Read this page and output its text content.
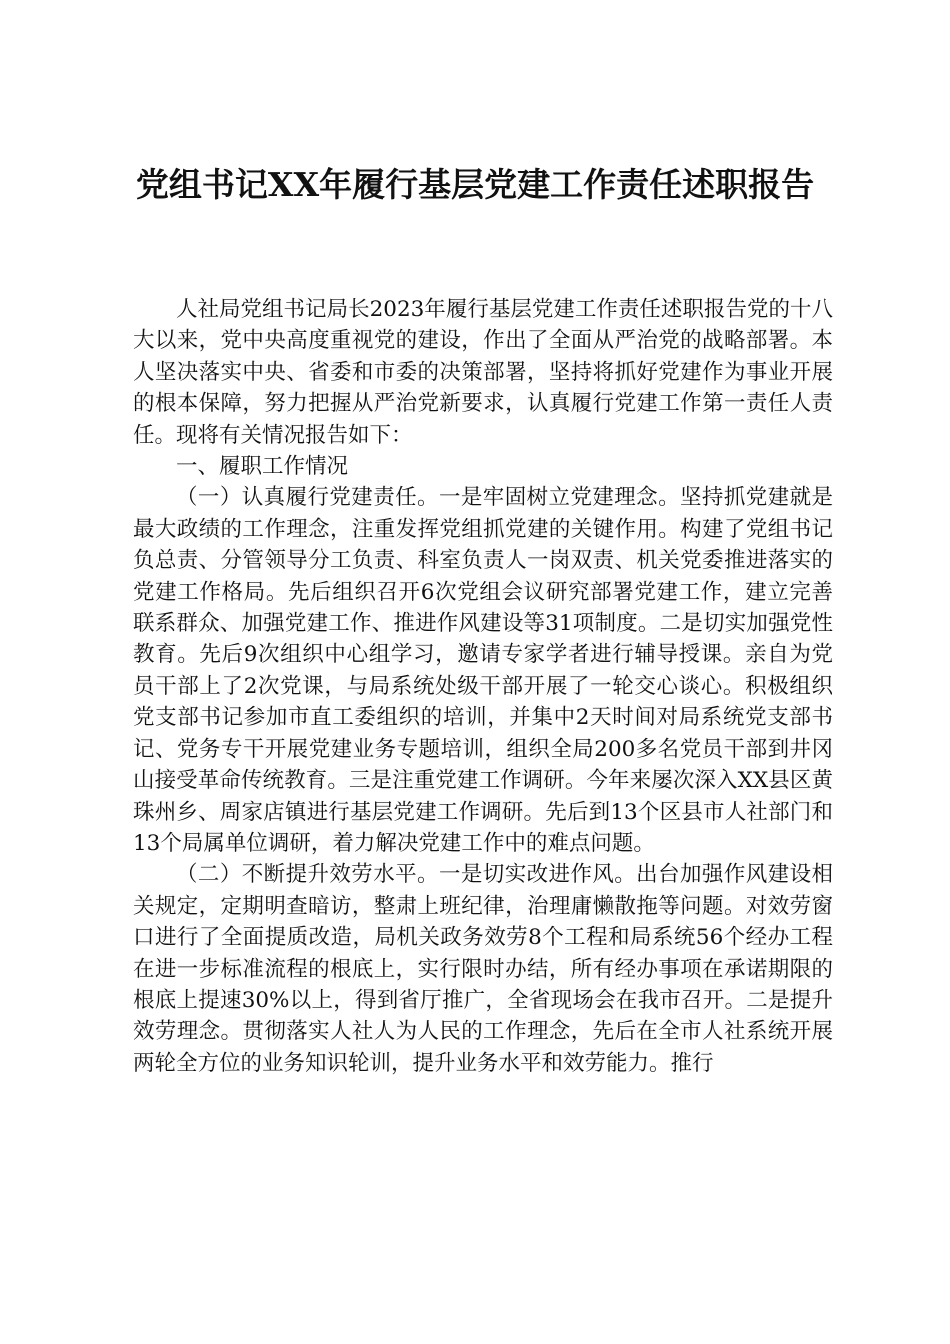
党组书记XX年履行基层党建工作责任述职报告

人社局党组书记局长2023年履行基层党建工作责任述职报告党的十八大以来，党中央高度重视党的建设，作出了全面从严治党的战略部署。本人坚决落实中央、省委和市委的决策部署，坚持将抓好党建作为事业开展的根本保障，努力把握从严治党新要求，认真履行党建工作第一责任人责任。现将有关情况报告如下：

一、履职工作情况

（一）认真履行党建责任。一是牢固树立党建理念。坚持抓党建就是最大政绩的工作理念，注重发挥党组抓党建的关键作用。构建了党组书记负总责、分管领导分工负责、科室负责人一岗双责、机关党委推进落实的党建工作格局。先后组织召开6次党组会议研究部署党建工作，建立完善联系群众、加强党建工作、推进作风建设等31项制度。二是切实加强党性教育。先后9次组织中心组学习，邀请专家学者进行辅导授课。亲自为党员干部上了2次党课，与局系统处级干部开展了一轮交心谈心。积极组织党支部书记参加市直工委组织的培训，并集中2天时间对局系统党支部书记、党务专干开展党建业务专题培训，组织全局200多名党员干部到井冈山接受革命传统教育。三是注重党建工作调研。今年来屡次深入XX县区黄珠州乡、周家店镇进行基层党建工作调研。先后到13个区县市人社部门和13个局属单位调研，着力解决党建工作中的难点问题。

（二）不断提升效劳水平。一是切实改进作风。出台加强作风建设相关规定，定期明查暗访，整肃上班纪律，治理庸懒散拖等问题。对效劳窗口进行了全面提质改造，局机关政务效劳8个工程和局系统56个经办工程在进一步标准流程的根底上，实行限时办结，所有经办事项在承诺期限的根底上提速30%以上，得到省厅推广，全省现场会在我市召开。二是提升效劳理念。贯彻落实人社人为人民的工作理念，先后在全市人社系统开展两轮全方位的业务知识轮训，提升业务水平和效劳能力。推行
